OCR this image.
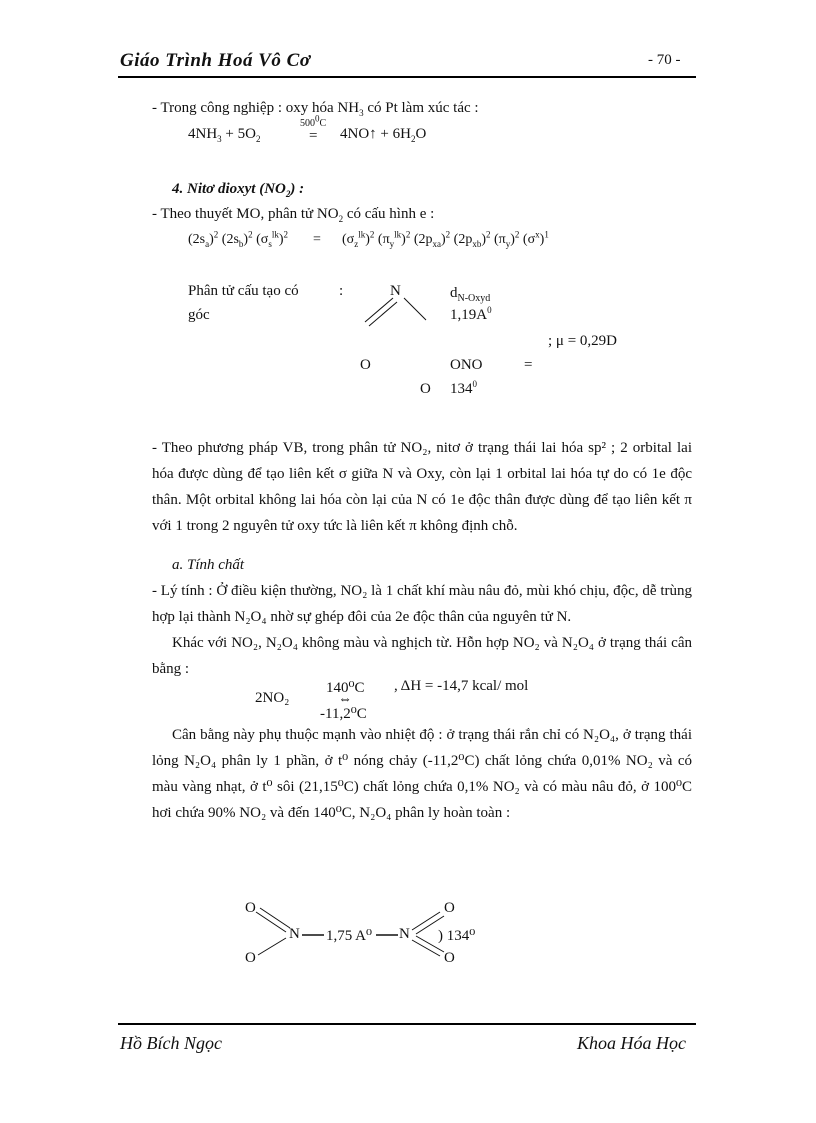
Giáo Trình Hoá Vô Cơ	- 70 -
- Trong công nghiệp : oxy hóa $NH_3$ có Pt làm xúc tác :
$4NH_3 + 5O_2$
$500^0C$
= 4NO↑ + $6H_2O$
4. Nitơ dioxyt $(NO_2)$ :
- Theo thuyết MO, phân tử $NO_2$ có cấu hình e :
$(2s_a)^2$ $(2s_b)^2$ $(\sigma_s^{lk})^2 = (\sigma_z^{lk})^2$ $(\pi_y^{lk})^2$ $(2p_{xa})^2$ $(2p_{xb})^2$ $(\pi_y)^2$ $(\sigma^x)^1$
Phân tử cấu tạo có	:
góc
N
O
O
$d_{N-Oxyd}$
$1,19A^0$
; μ = 0,29D
ONO	=
$134^0$
- Theo phương pháp VB, trong phân tử NO₂, nitơ ở trạng thái lai hóa sp² ; 2 orbital lai hóa được dùng để tạo liên kết σ giữa N và Oxy, còn lại 1 orbital lai hóa tự do có 1e độc thân. Một orbital không lai hóa còn lại của N có 1e độc thân được dùng để tạo liên kết π với 1 trong 2 nguyên tử oxy tức là liên kết π không định chỗ.
a. Tính chất
- Lý tính : Ở điều kiện thường, NO₂ là 1 chất khí màu nâu đỏ, mùi khó chịu, độc, dễ trùng hợp lại thành N₂O₄ nhờ sự ghép đôi của 2e độc thân của nguyên tử N.
Khác với NO₂, N₂O₄ không màu và nghịch từ. Hỗn hợp NO₂ và N₂O₄ ở trạng thái cân bằng :
2NO₂
140⁰C
⇔
-11,2⁰C
, ΔH = -14,7 kcal/ mol
Cân bằng này phụ thuộc mạnh vào nhiệt độ : ở trạng thái rắn chỉ có N₂O₄, ở trạng thái lỏng N₂O₄ phân ly 1 phần, ở t⁰ nóng chảy (-11,2⁰C) chất lỏng chứa 0,01% NO₂ và có màu vàng nhạt, ở t⁰ sôi (21,15⁰C) chất lỏng chứa 0,1% NO₂ và có màu nâu đỏ, ở 100⁰C hơi chứa 90% NO₂ và đến 140⁰C, N₂O₄ phân ly hoàn toàn :
O
O
N 1,75 A⁰ N
O
O
) 134⁰
Hồ Bích Ngọc	Khoa Hóa Học
